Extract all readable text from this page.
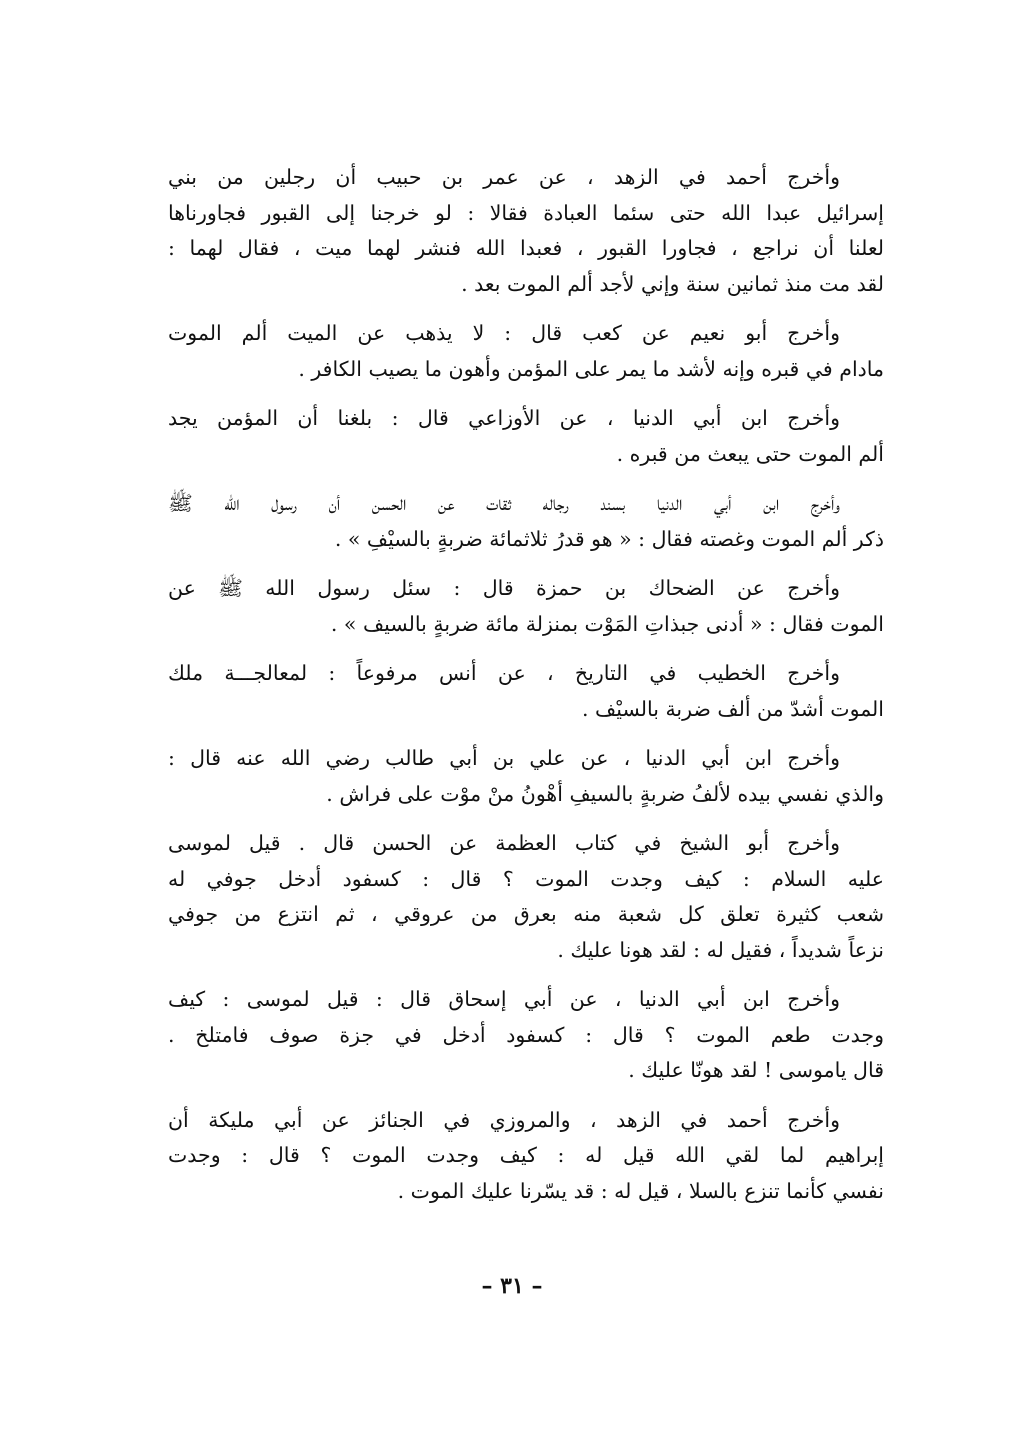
وأخرج أحمد في الزهد ، عن عمر بن حبيب أن رجلين من بني
إسرائيل عبدا الله حتى سئما العبادة فقالا : لو خرجنا إلى القبور فجاورناها
لعلنا أن نراجع ، فجاورا القبور ، فعبدا الله فنشر لهما ميت ، فقال لهما :
لقد مت منذ ثمانين سنة وإني لأجد ألم الموت بعد .
وأخرج أبو نعيم عن كعب قال : لا يذهب عن الميت ألم الموت
مادام في قبره وإنه لأشد ما يمر على المؤمن وأهون ما يصيب الكافر .
وأخرج ابن أبي الدنيا ، عن الأوزاعي قال : بلغنا أن المؤمن يجد
ألم الموت حتى يبعث من قبره .
وأخرج ابن أبي الدنيا بسند رجاله ثقات عن الحسن أن رسول الله ﷺ
ذكر ألم الموت وغصته فقال : « هو قدرُ ثلاثمائة ضربةٍ بالسيْفِ » .
وأخرج عن الضحاك بن حمزة قال : سئل رسول الله ﷺ عن
الموت فقال : « أدنى جبذاتِ المَوْت بمنزلة مائة ضربةٍ بالسيف » .
وأخرج الخطيب في التاريخ ، عن أنس مرفوعاً : لمعالجـــة ملك
الموت أشدّ من ألف ضربة بالسيْف .
وأخرج ابن أبي الدنيا ، عن علي بن أبي طالب رضي الله عنه قال :
والذي نفسي بيده لألفُ ضربةٍ بالسيفِ أهْونُ منْ موْت على فراش .
وأخرج أبو الشيخ في كتاب العظمة عن الحسن قال . قيل لموسى
عليه السلام : كيف وجدت الموت ؟ قال : كسفود أدخل جوفي له
شعب كثيرة تعلق كل شعبة منه بعرق من عروقي ، ثم انتزع من جوفي
نزعاً شديداً ، فقيل له : لقد هونا عليك .
وأخرج ابن أبي الدنيا ، عن أبي إسحاق قال : قيل لموسى : كيف
وجدت طعم الموت ؟ قال : كسفود أدخل في جزة صوف فامتلخ .
قال ياموسى ! لقد هونّا عليك .
وأخرج أحمد في الزهد ، والمروزي في الجنائز عن أبي مليكة أن
إبراهيم لما لقي الله قيل له : كيف وجدت الموت ؟ قال : وجدت
نفسي كأنما تنزع بالسلا ، قيل له : قد يسّرنا عليك الموت .
– ٣١ –
